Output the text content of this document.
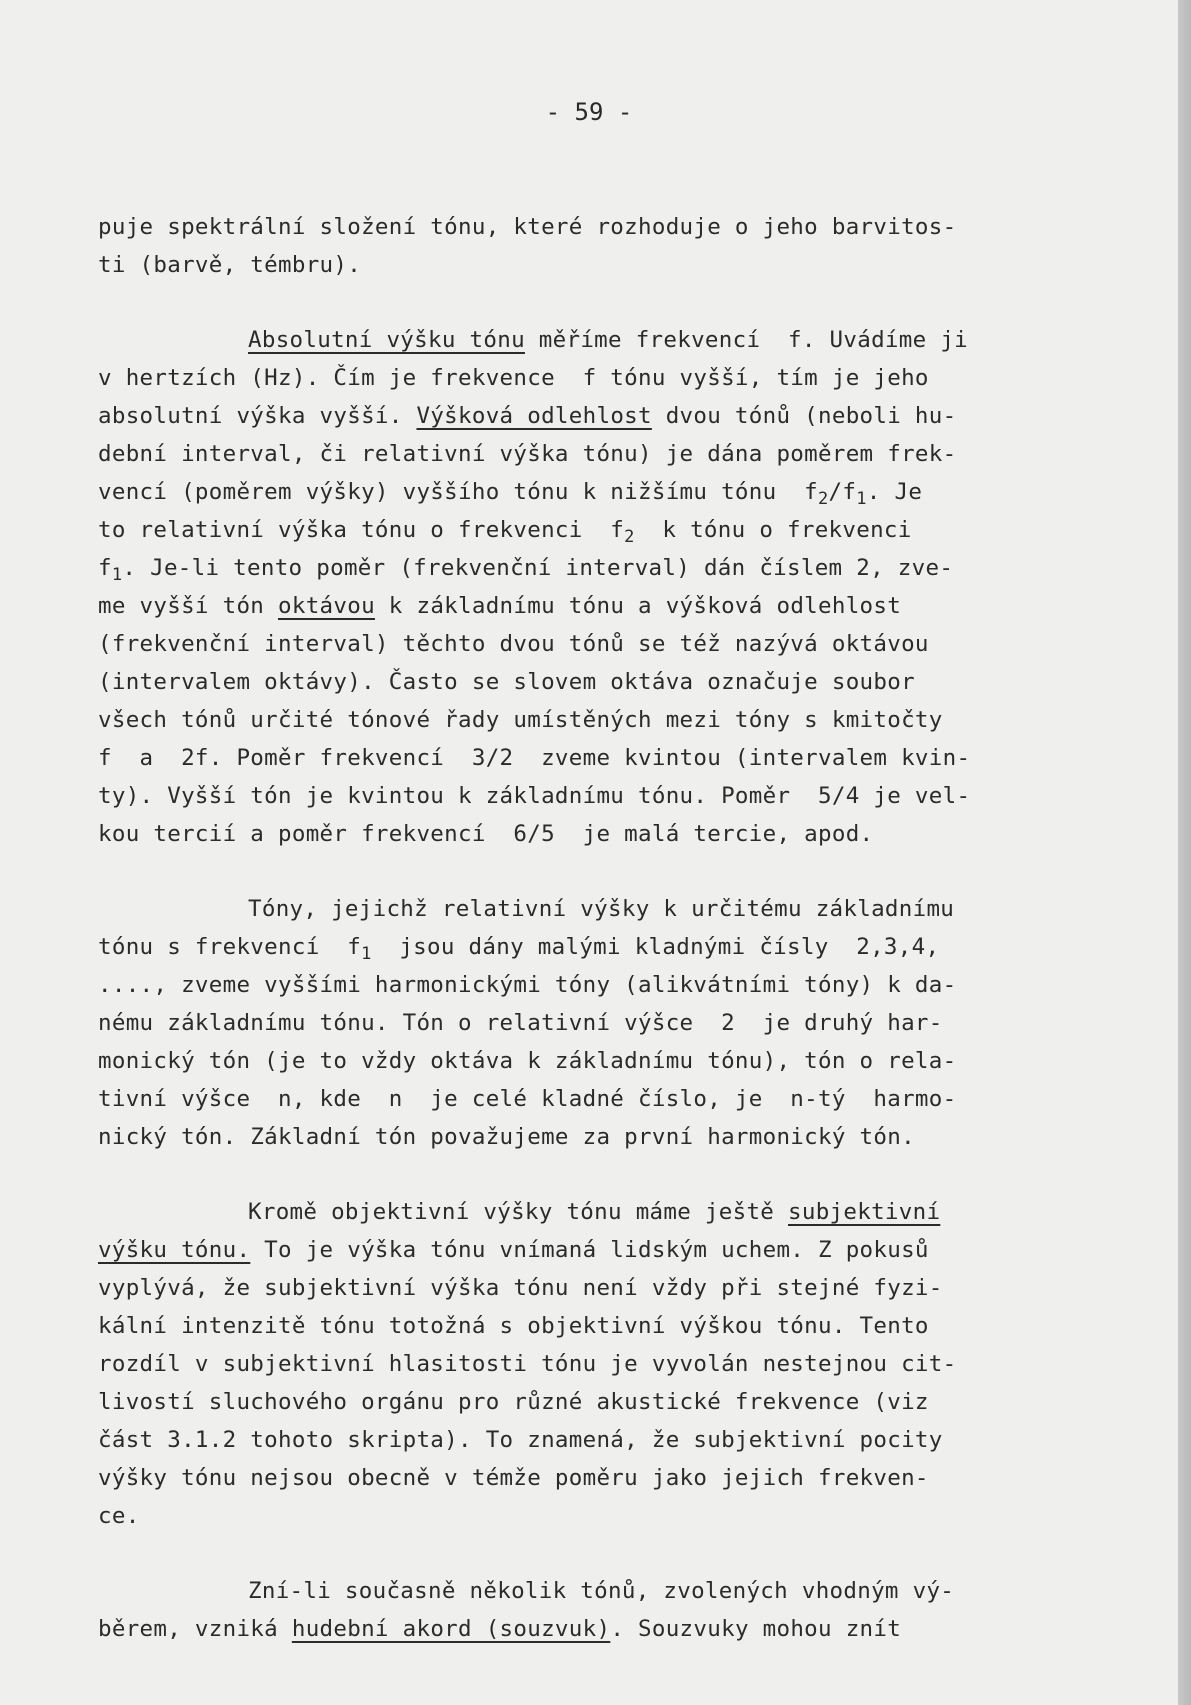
- 59 -
puje spektrální složení tónu, které rozhoduje o jeho barvitos-
ti (barvě, témbru).
Absolutní výšku tónu měříme frekvencí  f. Uvádíme ji
v hertzích (Hz). Čím je frekvence  f tónu vyšší, tím je jeho
absolutní výška vyšší. Výšková odlehlost dvou tónů (neboli hu-
dební interval, či relativní výška tónu) je dána poměrem frek-
vencí (poměrem výšky) vyššího tónu k nižšímu tónu  $f_2/f_1$. Je
to relativní výška tónu o frekvenci  $f_2$  k tónu o frekvenci
$f_1$. Je-li tento poměr (frekvenční interval) dán číslem 2, zve-
me vyšší tón oktávou k základnímu tónu a výšková odlehlost
(frekvenční interval) těchto dvou tónů se též nazývá oktávou
(intervalem oktávy). Často se slovem oktáva označuje soubor
všech tónů určité tónové řady umístěných mezi tóny s kmitočty
f  a  2f. Poměr frekvencí  3/2  zveme kvintou (intervalem kvin-
ty). Vyšší tón je kvintou k základnímu tónu. Poměr  5/4 je vel-
kou tercií a poměr frekvencí  6/5  je malá tercie, apod.
Tóny, jejichž relativní výšky k určitému základnímu
tónu s frekvencí  $f_1$  jsou dány malými kladnými čísly  2,3,4,
...., zveme vyššími harmonickými tóny (alikvátními tóny) k da-
nému základnímu tónu. Tón o relativní výšce  2  je druhý har-
monický tón (je to vždy oktáva k základnímu tónu), tón o rela-
tivní výšce  n, kde  n  je celé kladné číslo, je  n-tý  harmo-
nický tón. Základní tón považujeme za první harmonický tón.
Kromě objektivní výšky tónu máme ještě subjektivní
výšku tónu. To je výška tónu vnímaná lidským uchem. Z pokusů
vyplývá, že subjektivní výška tónu není vždy při stejné fyzi-
kální intenzitě tónu totožná s objektivní výškou tónu. Tento
rozdíl v subjektivní hlasitosti tónu je vyvolán nestejnou cit-
livostí sluchového orgánu pro různé akustické frekvence (viz
část 3.1.2 tohoto skripta). To znamená, že subjektivní pocity
výšky tónu nejsou obecně v témže poměru jako jejich frekven-
ce.
Zní-li současně několik tónů, zvolených vhodným vý-
běrem, vzniká hudební akord (souzvuk). Souzvuky mohou znít
